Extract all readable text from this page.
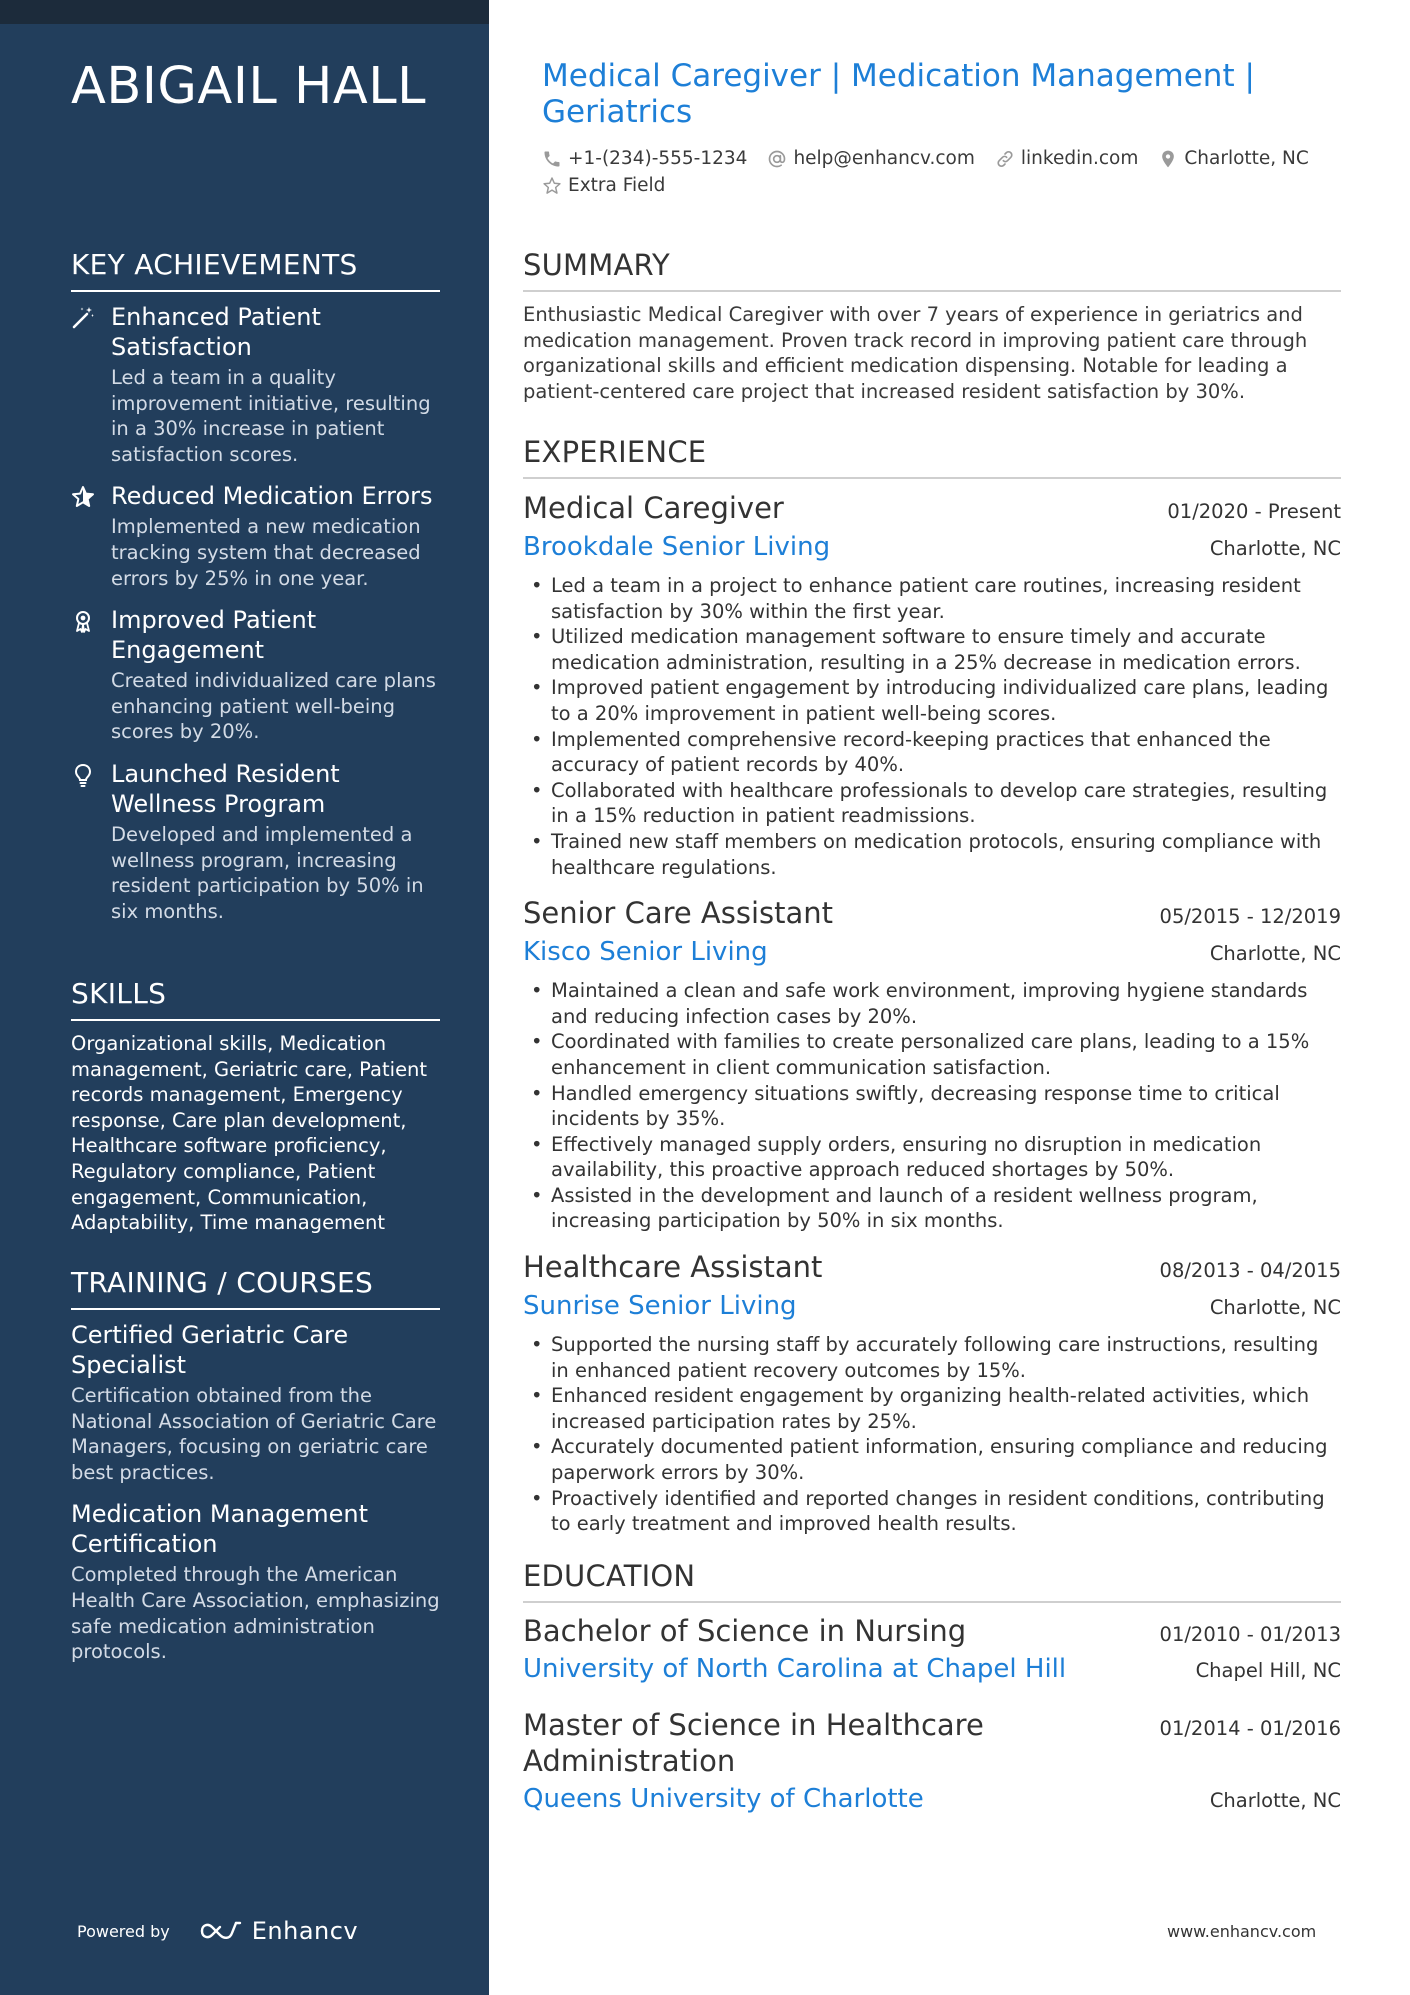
ABIGAIL HALL
KEY ACHIEVEMENTS
Enhanced Patient Satisfaction
Led a team in a quality improvement initiative, resulting in a 30% increase in patient satisfaction scores.
Reduced Medication Errors
Implemented a new medication tracking system that decreased errors by 25% in one year.
Improved Patient Engagement
Created individualized care plans enhancing patient well-being scores by 20%.
Launched Resident Wellness Program
Developed and implemented a wellness program, increasing resident participation by 50% in six months.
SKILLS
Organizational skills, Medication management, Geriatric care, Patient records management, Emergency response, Care plan development, Healthcare software proficiency, Regulatory compliance, Patient engagement, Communication, Adaptability, Time management
TRAINING / COURSES
Certified Geriatric Care Specialist
Certification obtained from the National Association of Geriatric Care Managers, focusing on geriatric care best practices.
Medication Management Certification
Completed through the American Health Care Association, emphasizing safe medication administration protocols.
Powered by	Enhancv
Medical Caregiver | Medication Management | Geriatrics
+1-(234)-555-1234 help@enhancv.com linkedin.com Charlotte, NC
Extra Field
SUMMARY
Enthusiastic Medical Caregiver with over 7 years of experience in geriatrics and medication management. Proven track record in improving patient care through organizational skills and efficient medication dispensing. Notable for leading a patient-centered care project that increased resident satisfaction by 30%.
EXPERIENCE
Medical Caregiver	01/2020 - Present
Brookdale Senior Living	Charlotte, NC
• Led a team in a project to enhance patient care routines, increasing resident satisfaction by 30% within the first year.
• Utilized medication management software to ensure timely and accurate medication administration, resulting in a 25% decrease in medication errors.
• Improved patient engagement by introducing individualized care plans, leading to a 20% improvement in patient well-being scores.
• Implemented comprehensive record-keeping practices that enhanced the accuracy of patient records by 40%.
• Collaborated with healthcare professionals to develop care strategies, resulting in a 15% reduction in patient readmissions.
• Trained new staff members on medication protocols, ensuring compliance with healthcare regulations.
Senior Care Assistant	05/2015 - 12/2019
Kisco Senior Living	Charlotte, NC
• Maintained a clean and safe work environment, improving hygiene standards and reducing infection cases by 20%.
• Coordinated with families to create personalized care plans, leading to a 15% enhancement in client communication satisfaction.
• Handled emergency situations swiftly, decreasing response time to critical incidents by 35%.
• Effectively managed supply orders, ensuring no disruption in medication availability, this proactive approach reduced shortages by 50%.
• Assisted in the development and launch of a resident wellness program, increasing participation by 50% in six months.
Healthcare Assistant	08/2013 - 04/2015
Sunrise Senior Living	Charlotte, NC
• Supported the nursing staff by accurately following care instructions, resulting in enhanced patient recovery outcomes by 15%.
• Enhanced resident engagement by organizing health-related activities, which increased participation rates by 25%.
• Accurately documented patient information, ensuring compliance and reducing paperwork errors by 30%.
• Proactively identified and reported changes in resident conditions, contributing to early treatment and improved health results.
EDUCATION
Bachelor of Science in Nursing	01/2010 - 01/2013
University of North Carolina at Chapel Hill	Chapel Hill, NC
Master of Science in Healthcare Administration
01/2014 - 01/2016
Queens University of Charlotte	Charlotte, NC
www.enhancv.com
